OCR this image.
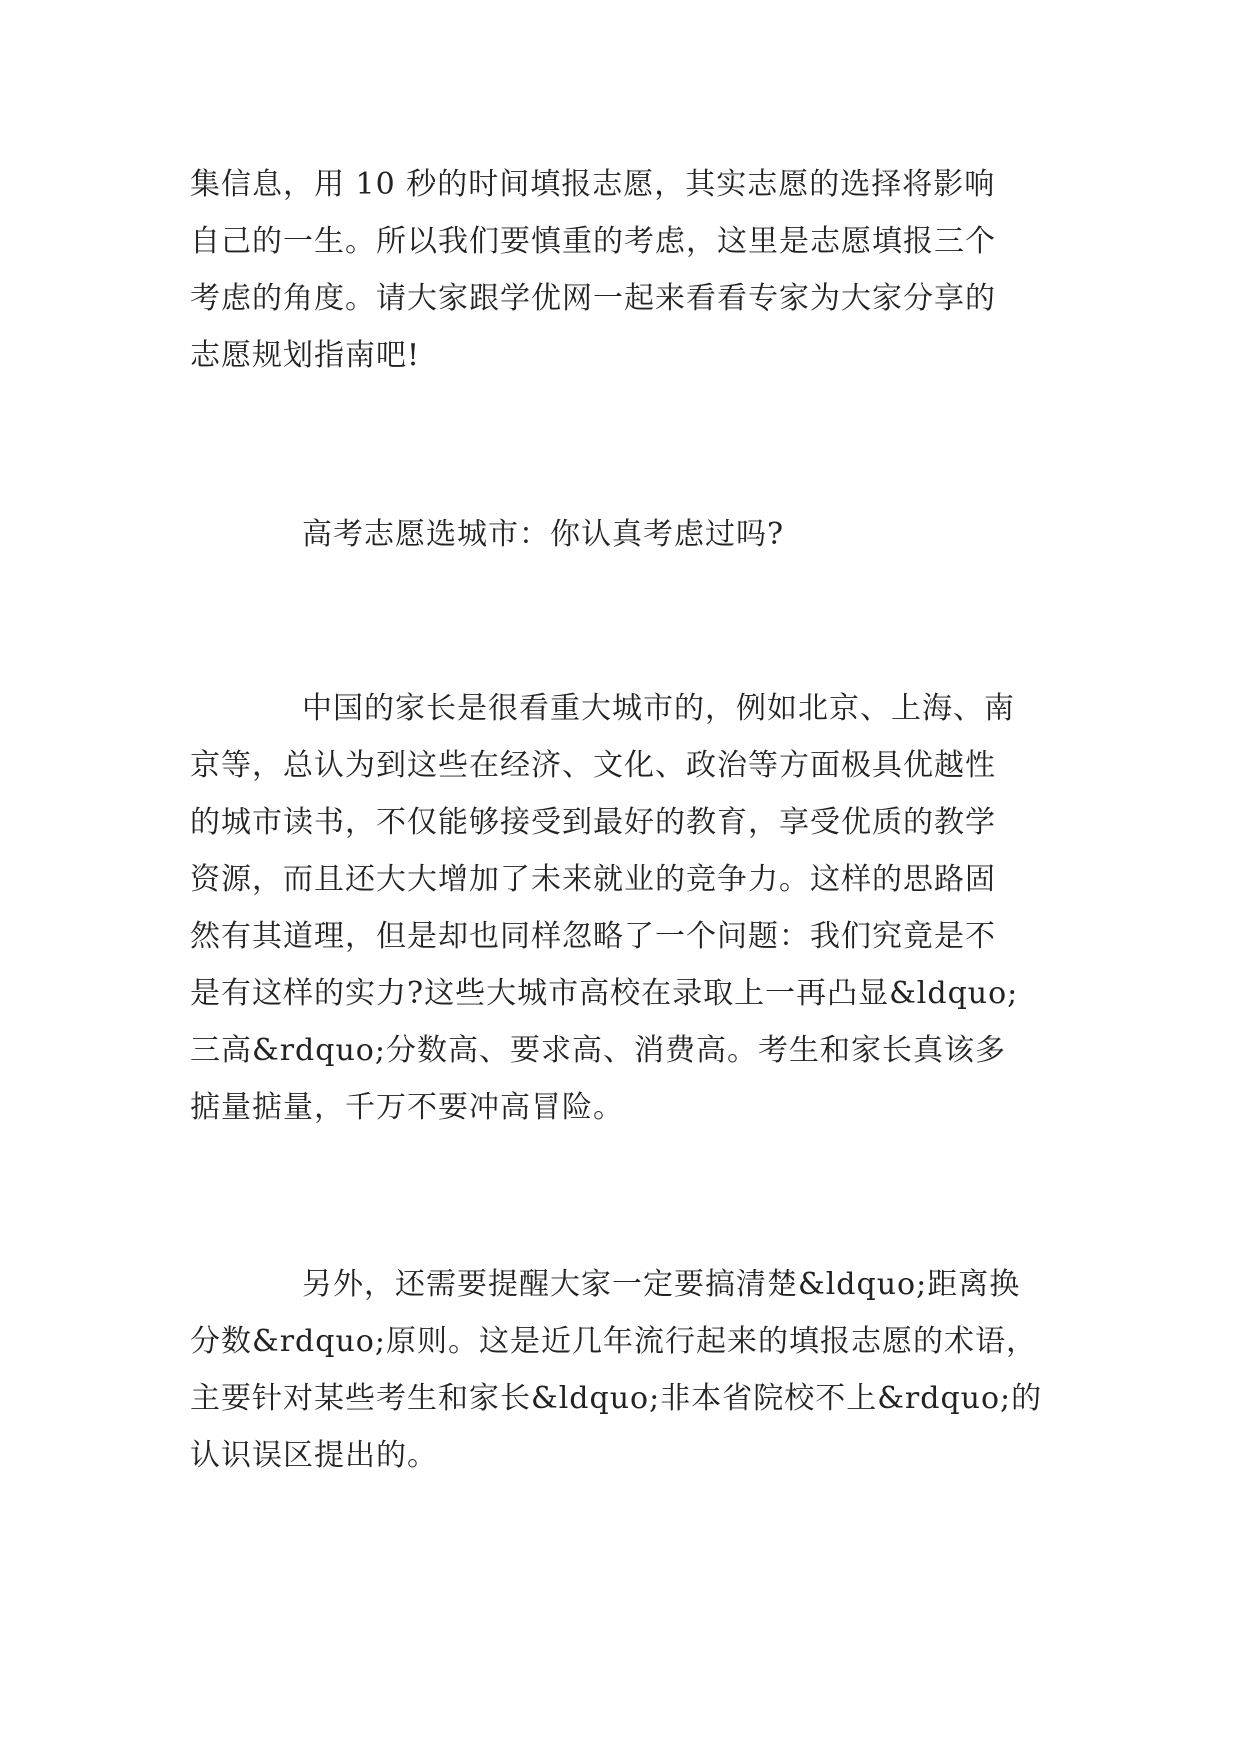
集信息，用 10 秒的时间填报志愿，其实志愿的选择将影响
自己的一生。所以我们要慎重的考虑，这里是志愿填报三个
考虑的角度。请大家跟学优网一起来看看专家为大家分享的
志愿规划指南吧!
高考志愿选城市：你认真考虑过吗?
中国的家长是很看重大城市的，例如北京、上海、南
京等，总认为到这些在经济、文化、政治等方面极具优越性
的城市读书，不仅能够接受到最好的教育，享受优质的教学
资源，而且还大大增加了未来就业的竞争力。这样的思路固
然有其道理，但是却也同样忽略了一个问题：我们究竟是不
是有这样的实力?这些大城市高校在录取上一再凸显&ldquo;
三高&rdquo;分数高、要求高、消费高。考生和家长真该多
掂量掂量，千万不要冲高冒险。
另外，还需要提醒大家一定要搞清楚&ldquo;距离换
分数&rdquo;原则。这是近几年流行起来的填报志愿的术语，
主要针对某些考生和家长&ldquo;非本省院校不上&rdquo;的
认识误区提出的。
